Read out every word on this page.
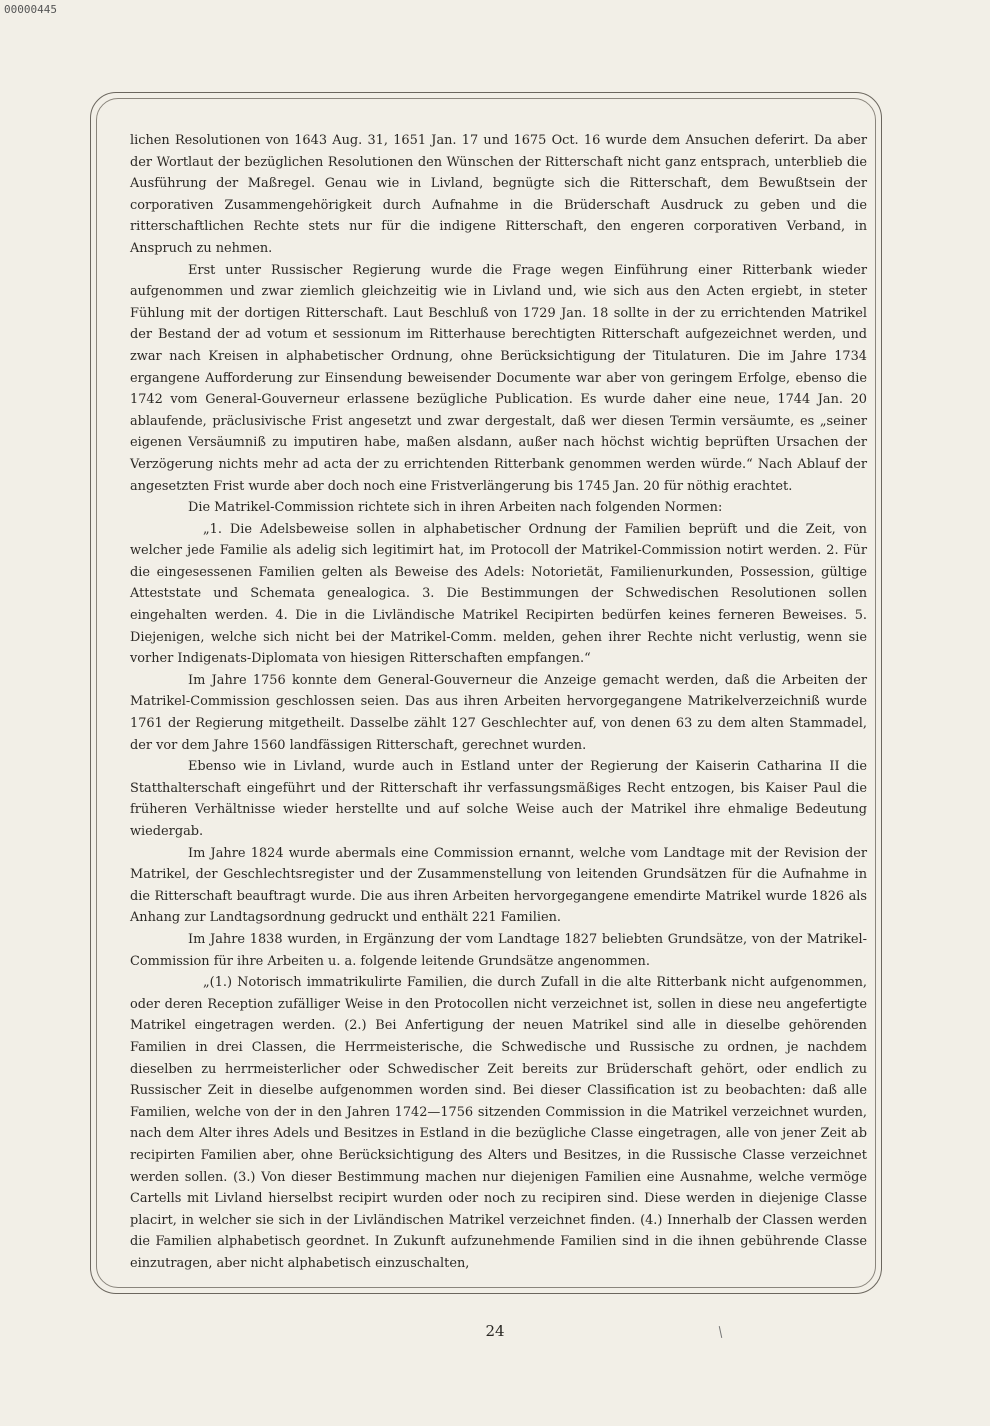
00000445

lichen Resolutionen von 1643 Aug. 31, 1651 Jan. 17 und 1675 Oct. 16 wurde dem Ansuchen deferirt. Da aber der Wortlaut der bezüglichen Resolutionen den Wünschen der Ritterschaft nicht ganz entsprach, unterblieb die Ausführung der Maßregel. Genau wie in Livland, begnügte sich die Ritterschaft, dem Bewußtsein der corporativen Zusammengehörigkeit durch Aufnahme in die Brüderschaft Ausdruck zu geben und die ritterschaftlichen Rechte stets nur für die indigene Ritterschaft, den engeren corporativen Verband, in Anspruch zu nehmen.

Erst unter Russischer Regierung wurde die Frage wegen Einführung einer Ritterbank wieder aufgenommen und zwar ziemlich gleichzeitig wie in Livland und, wie sich aus den Acten ergiebt, in steter Fühlung mit der dortigen Ritterschaft. Laut Beschluß von 1729 Jan. 18 sollte in der zu errichtenden Matrikel der Bestand der ad votum et sessionum im Ritterhause berechtigten Ritterschaft aufgezeichnet werden, und zwar nach Kreisen in alphabetischer Ordnung, ohne Berücksichtigung der Titulaturen. Die im Jahre 1734 ergangene Aufforderung zur Einsendung beweisender Documente war aber von geringem Erfolge, ebenso die 1742 vom General-Gouverneur erlassene bezügliche Publication. Es wurde daher eine neue, 1744 Jan. 20 ablaufende, präclusivische Frist angesetzt und zwar dergestalt, daß wer diesen Termin versäumte, es „seiner eigenen Versäumniß zu imputiren habe, maßen alsdann, außer nach höchst wichtig beprüften Ursachen der Verzögerung nichts mehr ad acta der zu errichtenden Ritterbank genommen werden würde.“ Nach Ablauf der angesetzten Frist wurde aber doch noch eine Fristverlängerung bis 1745 Jan. 20 für nöthig erachtet.

Die Matrikel-Commission richtete sich in ihren Arbeiten nach folgenden Normen:

„1. Die Adelsbeweise sollen in alphabetischer Ordnung der Familien beprüft und die Zeit, von welcher jede Familie als adelig sich legitimirt hat, im Protocoll der Matrikel-Commission notirt werden. 2. Für die eingesessenen Familien gelten als Beweise des Adels: Notorietät, Familienurkunden, Possession, gültige Atteststate und Schemata genealogica. 3. Die Bestimmungen der Schwedischen Resolutionen sollen eingehalten werden. 4. Die in die Livländische Matrikel Recipirten bedürfen keines ferneren Beweises. 5. Diejenigen, welche sich nicht bei der Matrikel-Comm. melden, gehen ihrer Rechte nicht verlustig, wenn sie vorher Indigenats-Diplomata von hiesigen Ritterschaften empfangen.“

Im Jahre 1756 konnte dem General-Gouverneur die Anzeige gemacht werden, daß die Arbeiten der Matrikel-Commission geschlossen seien. Das aus ihren Arbeiten hervorgegangene Matrikelverzeichniß wurde 1761 der Regierung mitgetheilt. Dasselbe zählt 127 Geschlechter auf, von denen 63 zu dem alten Stammadel, der vor dem Jahre 1560 landfässigen Ritterschaft, gerechnet wurden.

Ebenso wie in Livland, wurde auch in Estland unter der Regierung der Kaiserin Catharina II die Statthalterschaft eingeführt und der Ritterschaft ihr verfassungsmäßiges Recht entzogen, bis Kaiser Paul die früheren Verhältnisse wieder herstellte und auf solche Weise auch der Matrikel ihre ehmalige Bedeutung wiedergab.

Im Jahre 1824 wurde abermals eine Commission ernannt, welche vom Landtage mit der Revision der Matrikel, der Geschlechtsregister und der Zusammenstellung von leitenden Grundsätzen für die Aufnahme in die Ritterschaft beauftragt wurde. Die aus ihren Arbeiten hervorgegangene emendirte Matrikel wurde 1826 als Anhang zur Landtagsordnung gedruckt und enthält 221 Familien.

Im Jahre 1838 wurden, in Ergänzung der vom Landtage 1827 beliebten Grundsätze, von der Matrikel-Commission für ihre Arbeiten u. a. folgende leitende Grundsätze angenommen.

„(1.) Notorisch immatrikulirte Familien, die durch Zufall in die alte Ritterbank nicht aufgenommen, oder deren Reception zufälliger Weise in den Protocollen nicht verzeichnet ist, sollen in diese neu angefertigte Matrikel eingetragen werden. (2.) Bei Anfertigung der neuen Matrikel sind alle in dieselbe gehörenden Familien in drei Classen, die Herrmeisterische, die Schwedische und Russische zu ordnen, je nachdem dieselben zu herrmeisterlicher oder Schwedischer Zeit bereits zur Brüderschaft gehört, oder endlich zu Russischer Zeit in dieselbe aufgenommen worden sind. Bei dieser Classification ist zu beobachten: daß alle Familien, welche von der in den Jahren 1742—1756 sitzenden Commission in die Matrikel verzeichnet wurden, nach dem Alter ihres Adels und Besitzes in Estland in die bezügliche Classe eingetragen, alle von jener Zeit ab recipirten Familien aber, ohne Berücksichtigung des Alters und Besitzes, in die Russische Classe verzeichnet werden sollen. (3.) Von dieser Bestimmung machen nur diejenigen Familien eine Ausnahme, welche vermöge Cartells mit Livland hierselbst recipirt wurden oder noch zu recipiren sind. Diese werden in diejenige Classe placirt, in welcher sie sich in der Livländischen Matrikel verzeichnet finden. (4.) Innerhalb der Classen werden die Familien alphabetisch geordnet. In Zukunft aufzunehmende Familien sind in die ihnen gebührende Classe einzutragen, aber nicht alphabetisch einzuschalten,

24
